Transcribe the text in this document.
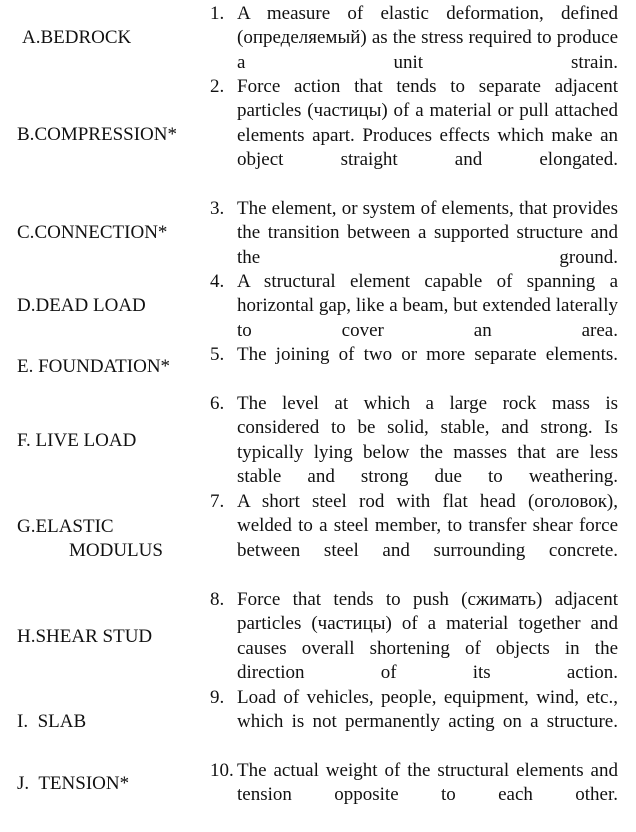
A.BEDROCK
B.COMPRESSION*
C.CONNECTION*
D.DEAD LOAD
E. FOUNDATION*
F. LIVE LOAD
G.ELASTIC
MODULUS
H.SHEAR STUD
I. SLAB
J. TENSION*
1. A measure of elastic deformation, defined (определяемый) as the stress required to produce a unit strain.
2. Force action that tends to separate adjacent particles (частицы) of a material or pull attached elements apart. Produces effects which make an object straight and elongated.
3. The element, or system of elements, that provides the transition between a supported structure and the ground.
4. A structural element capable of spanning a horizontal gap, like a beam, but extended laterally to cover an area.
5. The joining of two or more separate elements.
6. The level at which a large rock mass is considered to be solid, stable, and strong. Is typically lying below the masses that are less stable and strong due to weathering.
7. A short steel rod with flat head (оголовок), welded to a steel member, to transfer shear force between steel and surrounding concrete.
8. Force that tends to push (сжимать) adjacent particles (частицы) of a material together and causes overall shortening of objects in the direction of its action.
9. Load of vehicles, people, equipment, wind, etc., which is not permanently acting on a structure.
10. The actual weight of the structural elements and tension opposite to each other.
